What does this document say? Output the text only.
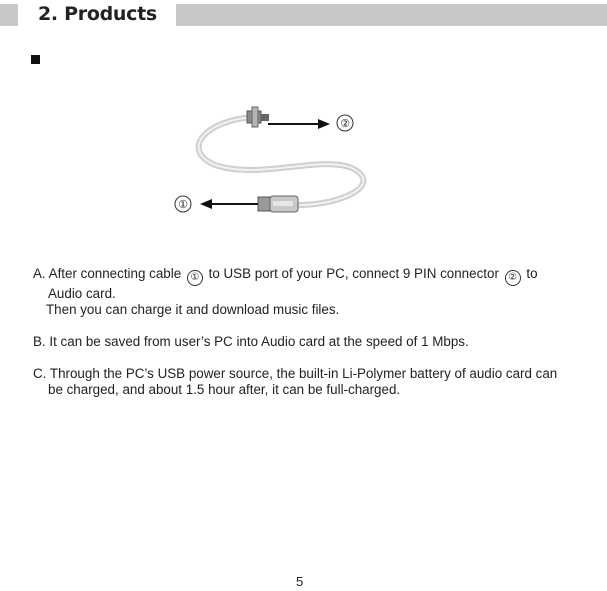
2. Products
②
①
A. After connecting cable ① to USB port of your PC, connect 9 PIN connector ② to
Audio card.
Then you can charge it and download music files.
B. It can be saved from user’s PC into Audio card at the speed of 1 Mbps.
C. Through the PC’s USB power source, the built-in Li-Polymer battery of audio card can
be charged, and about 1.5 hour after, it can be full-charged.
5
